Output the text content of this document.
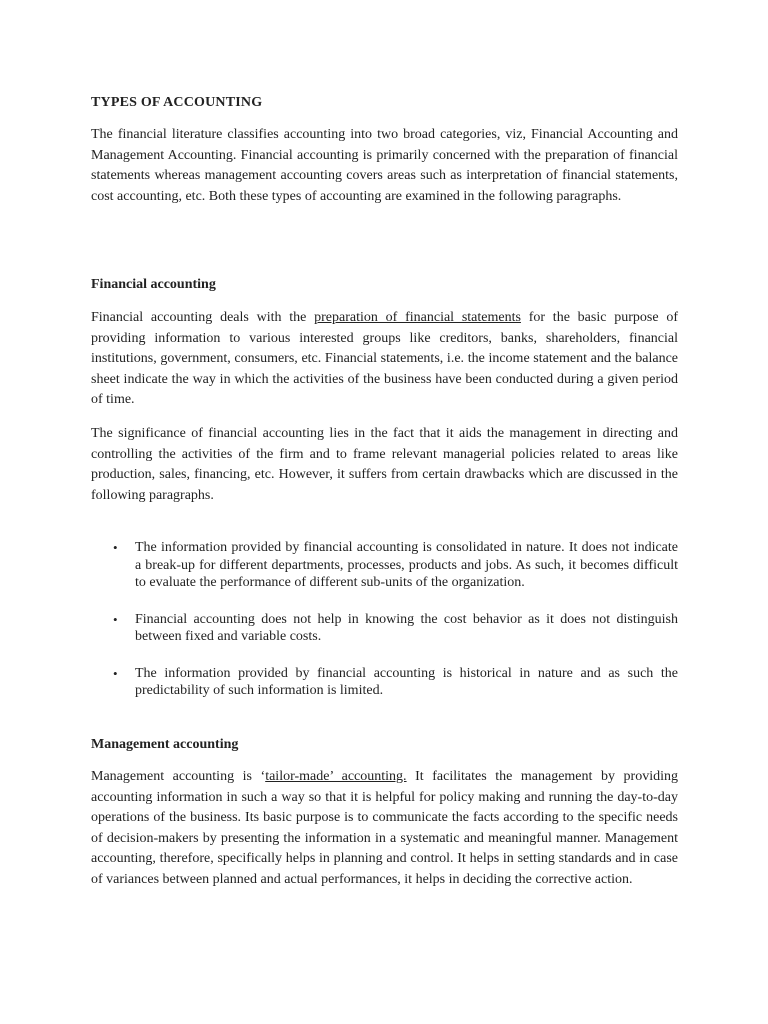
TYPES OF ACCOUNTING

The financial literature classifies accounting into two broad categories, viz, Financial Accounting and Management Accounting. Financial accounting is primarily concerned with the preparation of financial statements whereas management accounting covers areas such as interpretation of financial statements, cost accounting, etc. Both these types of accounting are examined in the following paragraphs.

Financial accounting

Financial accounting deals with the preparation of financial statements for the basic purpose of providing information to various interested groups like creditors, banks, shareholders, financial institutions, government, consumers, etc. Financial statements, i.e. the income statement and the balance sheet indicate the way in which the activities of the business have been conducted during a given period of time.

The significance of financial accounting lies in the fact that it aids the management in directing and controlling the activities of the firm and to frame relevant managerial policies related to areas like production, sales, financing, etc. However, it suffers from certain drawbacks which are discussed in the following paragraphs.

• The information provided by financial accounting is consolidated in nature. It does not indicate a break-up for different departments, processes, products and jobs. As such, it becomes difficult to evaluate the performance of different sub-units of the organization.
• Financial accounting does not help in knowing the cost behavior as it does not distinguish between fixed and variable costs.
• The information provided by financial accounting is historical in nature and as such the predictability of such information is limited.
Management accounting

Management accounting is ‘tailor-made’ accounting. It facilitates the management by providing accounting information in such a way so that it is helpful for policy making and running the day-to-day operations of the business. Its basic purpose is to communicate the facts according to the specific needs of decision-makers by presenting the information in a systematic and meaningful manner. Management accounting, therefore, specifically helps in planning and control. It helps in setting standards and in case of variances between planned and actual performances, it helps in deciding the corrective action.
